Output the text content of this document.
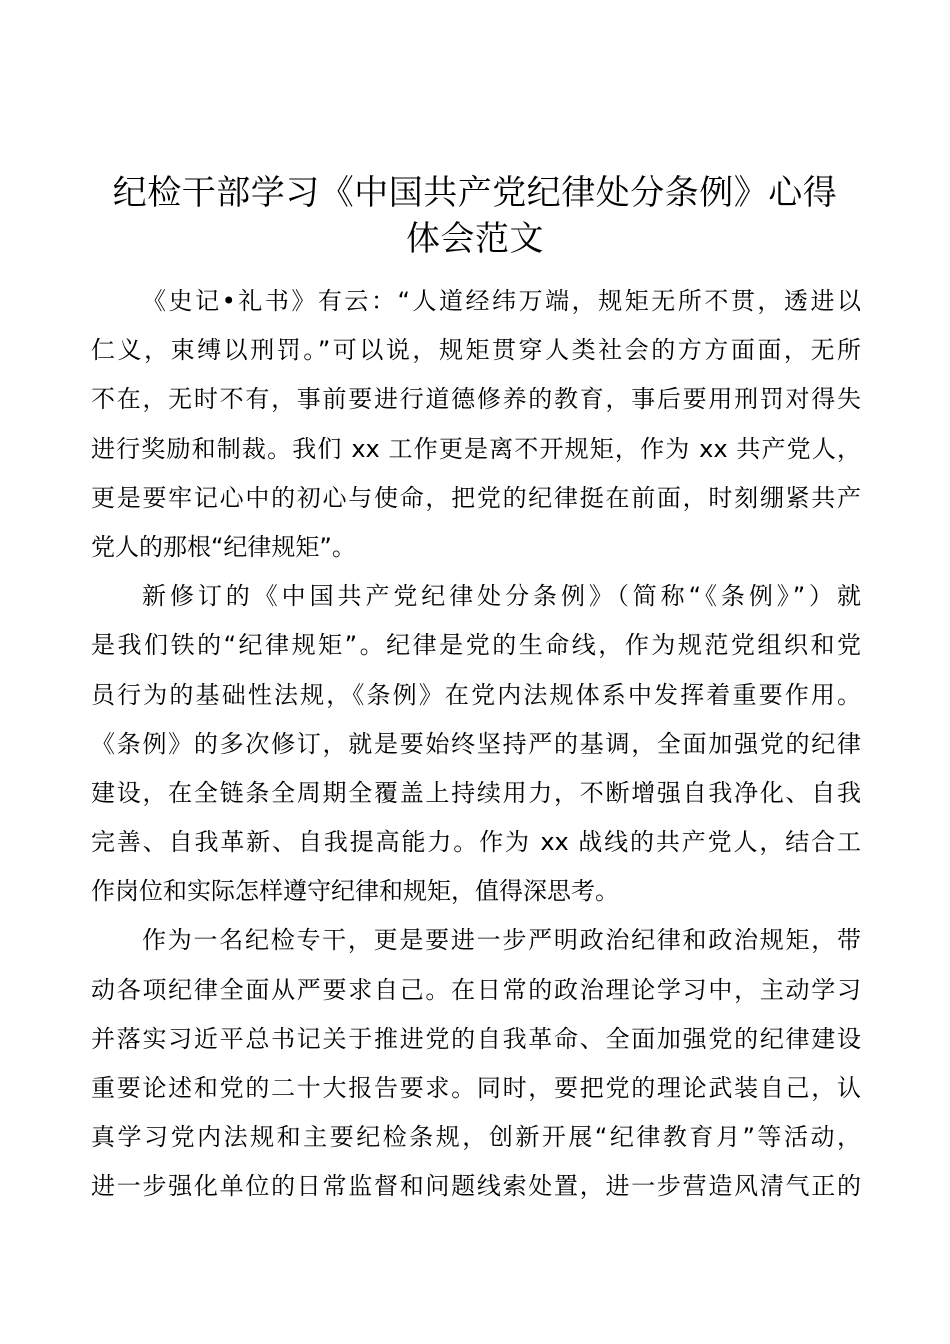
纪检干部学习《中国共产党纪律处分条例》心得
体会范文
《史记•礼书》有云：“人道经纬万端，规矩无所不贯，透进以
仁义，束缚以刑罚。”可以说，规矩贯穿人类社会的方方面面，无所
不在，无时不有，事前要进行道德修养的教育，事后要用刑罚对得失
进行奖励和制裁。我们 xx 工作更是离不开规矩，作为 xx 共产党人，
更是要牢记心中的初心与使命，把党的纪律挺在前面，时刻绷紧共产
党人的那根“纪律规矩”。
新修订的《中国共产党纪律处分条例》（简称“《条例》”）就
是我们铁的“纪律规矩”。纪律是党的生命线，作为规范党组织和党
员行为的基础性法规，《条例》在党内法规体系中发挥着重要作用。
《条例》的多次修订，就是要始终坚持严的基调，全面加强党的纪律
建设，在全链条全周期全覆盖上持续用力，不断增强自我净化、自我
完善、自我革新、自我提高能力。作为 xx 战线的共产党人，结合工
作岗位和实际怎样遵守纪律和规矩，值得深思考。
作为一名纪检专干，更是要进一步严明政治纪律和政治规矩，带
动各项纪律全面从严要求自己。在日常的政治理论学习中，主动学习
并落实习近平总书记关于推进党的自我革命、全面加强党的纪律建设
重要论述和党的二十大报告要求。同时，要把党的理论武装自己，认
真学习党内法规和主要纪检条规，创新开展“纪律教育月”等活动，
进一步强化单位的日常监督和问题线索处置，进一步营造风清气正的
